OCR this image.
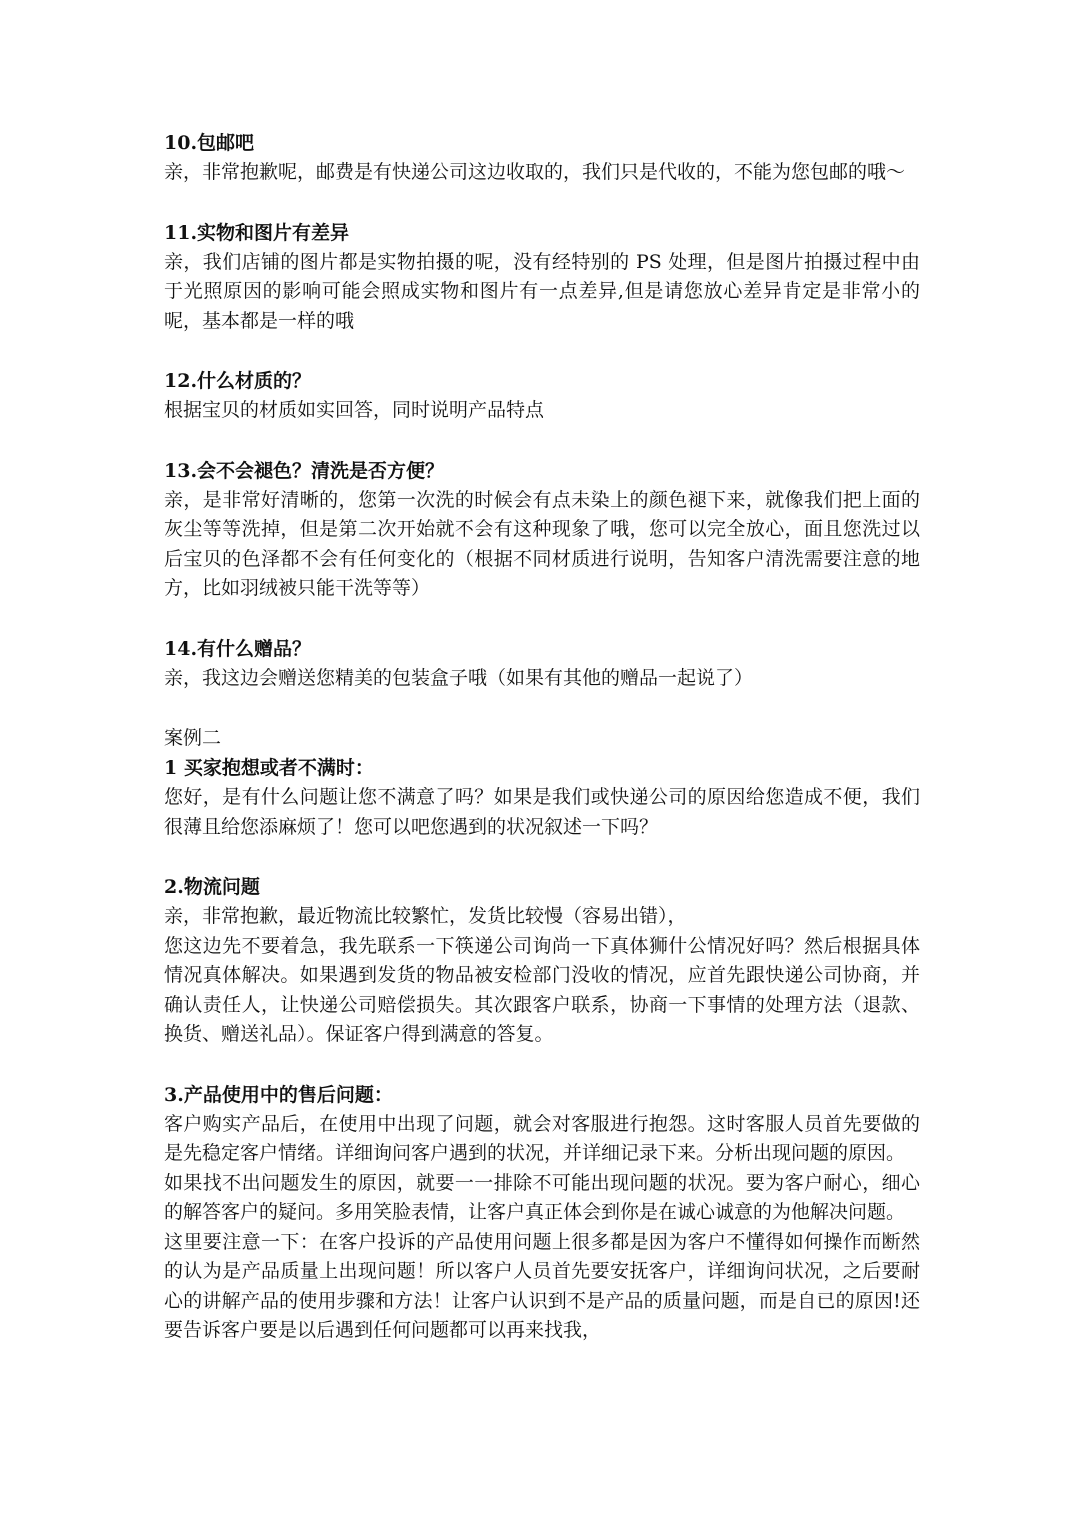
10.包邮吧
亲，非常抱歉呢，邮费是有快递公司这边收取的，我们只是代收的，不能为您包邮的哦～
11.实物和图片有差异
亲，我们店铺的图片都是实物拍摄的呢，没有经特别的 PS 处理，但是图片拍摄过程中由于光照原因的影响可能会照成实物和图片有一点差异,但是请您放心差异肯定是非常小的呢，基本都是一样的哦
12.什么材质的？
根据宝贝的材质如实回答，同时说明产品特点
13.会不会褪色？清洗是否方便？
亲，是非常好清晰的，您第一次洗的时候会有点未染上的颜色褪下来，就像我们把上面的灰尘等等洗掉，但是第二次开始就不会有这种现象了哦，您可以完全放心，面且您洗过以后宝贝的色泽都不会有任何变化的（根据不同材质进行说明，告知客户清洗需要注意的地方，比如羽绒被只能干洗等等）
14.有什么赠品？
亲，我这边会赠送您精美的包装盒子哦（如果有其他的赠品一起说了）
案例二
1 买家抱想或者不满时：
您好，是有什么问题让您不满意了吗？如果是我们或快递公司的原因给您造成不便，我们很薄且给您添麻烦了！您可以吧您遇到的状况叙述一下吗？
2.物流问题
亲，非常抱歉，最近物流比较繁忙，发货比较慢（容易出错），
您这边先不要着急，我先联系一下筷递公司询尚一下真体狮什公情况好吗？然后根据具体情况真体解决。如果遇到发货的物品被安检部门没收的情况，应首先跟快递公司协商，并确认责任人，让快递公司赔偿损失。其次跟客户联系，协商一下事情的处理方法（退款、换货、赠送礼品）。保证客户得到满意的答复。
3.产品使用中的售后问题：
客户购实产品后，在使用中出现了问题，就会对客服进行抱怨。这时客服人员首先要做的是先稳定客户情绪。详细询问客户遇到的状况，并详细记录下来。分析出现问题的原因。
如果找不出问题发生的原因，就要一一排除不可能出现问题的状况。要为客户耐心，细心的解答客户的疑问。多用笑脸表情，让客户真正体会到你是在诚心诚意的为他解决问题。
这里要注意一下：在客户投诉的产品使用问题上很多都是因为客户不懂得如何操作而断然的认为是产品质量上出现问题！所以客户人员首先要安抚客户，详细询问状况，之后要耐心的讲解产品的使用步骤和方法！让客户认识到不是产品的质量问题，而是自已的原因!还要告诉客户要是以后遇到任何问题都可以再来找我，
